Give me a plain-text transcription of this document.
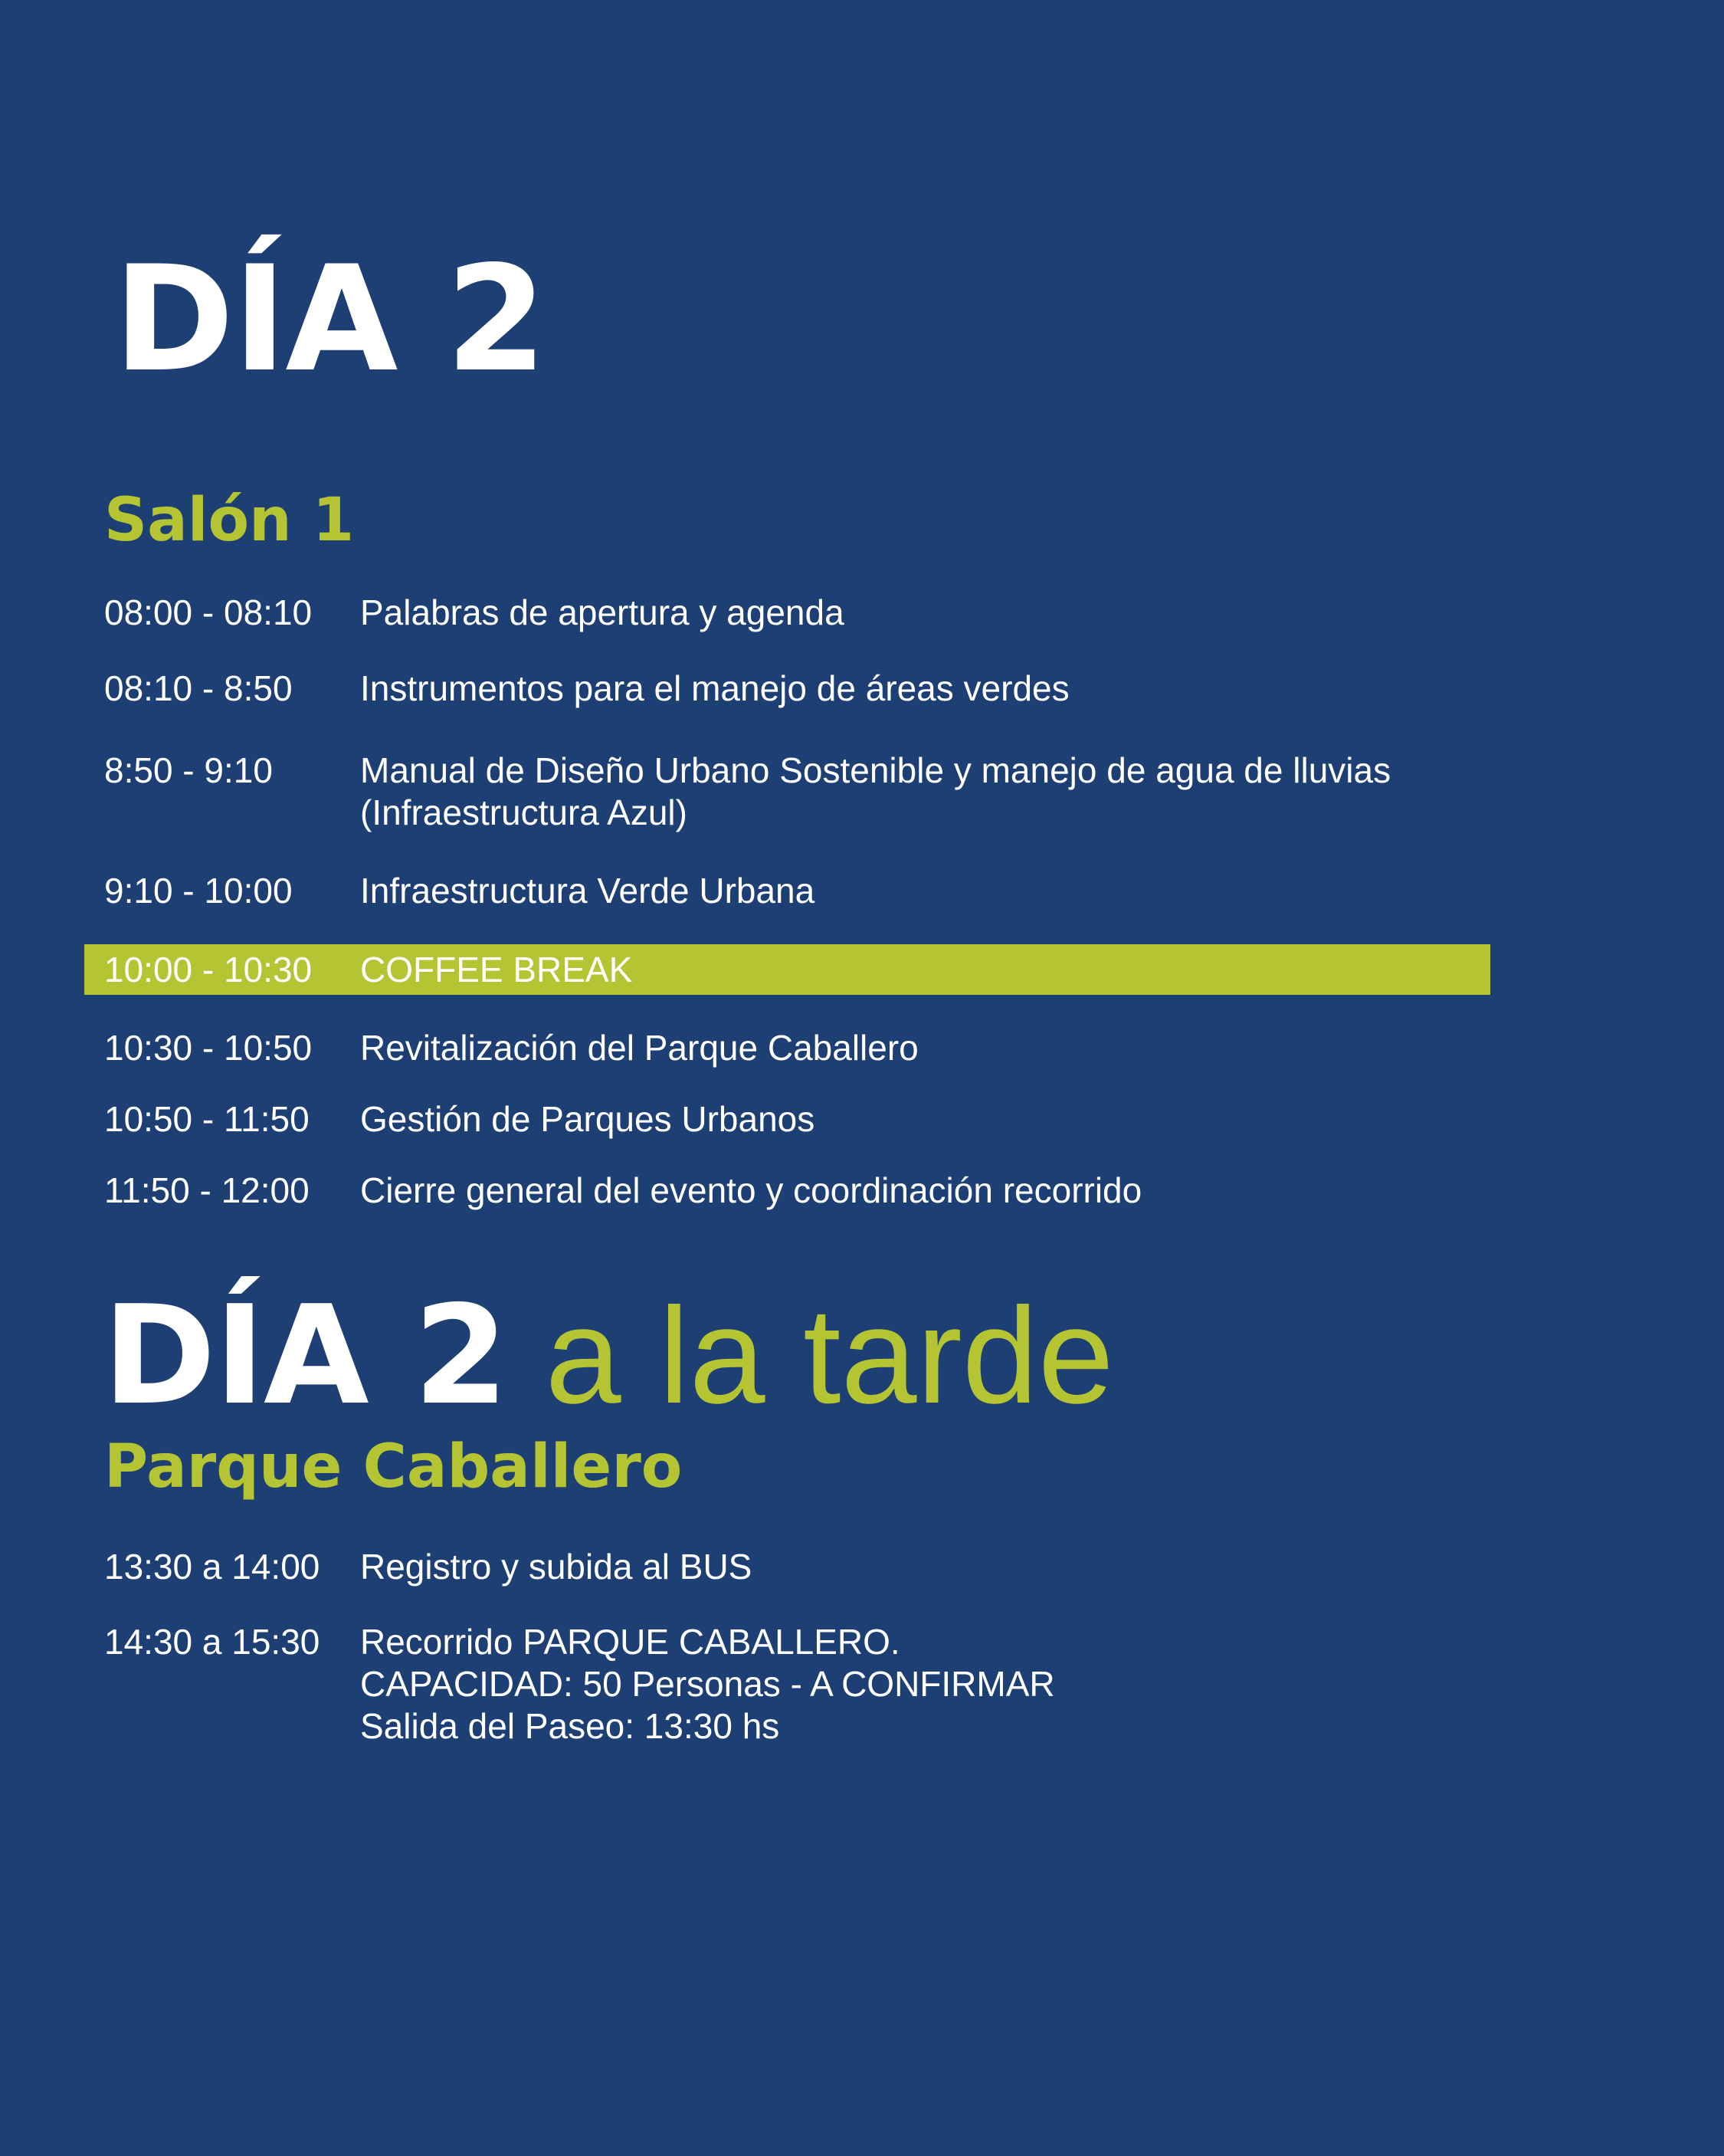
DÍA 2
Salón 1
08:00 - 08:10 Palabras de apertura y agenda
08:10 - 8:50 Instrumentos para el manejo de áreas verdes
8:50 - 9:10 Manual de Diseño Urbano Sostenible y manejo de agua de lluvias
(Infraestructura Azul)
9:10 - 10:00 Infraestructura Verde Urbana
10:00 - 10:30 COFFEE BREAK
10:30 - 10:50 Revitalización del Parque Caballero
10:50 - 11:50 Gestión de Parques Urbanos
11:50 - 12:00 Cierre general del evento y coordinación recorrido
DÍA 2 a la tarde
Parque Caballero
13:30 a 14:00 Registro y subida al BUS
14:30 a 15:30 Recorrido PARQUE CABALLERO.
CAPACIDAD: 50 Personas - A CONFIRMAR
Salida del Paseo: 13:30 hs
